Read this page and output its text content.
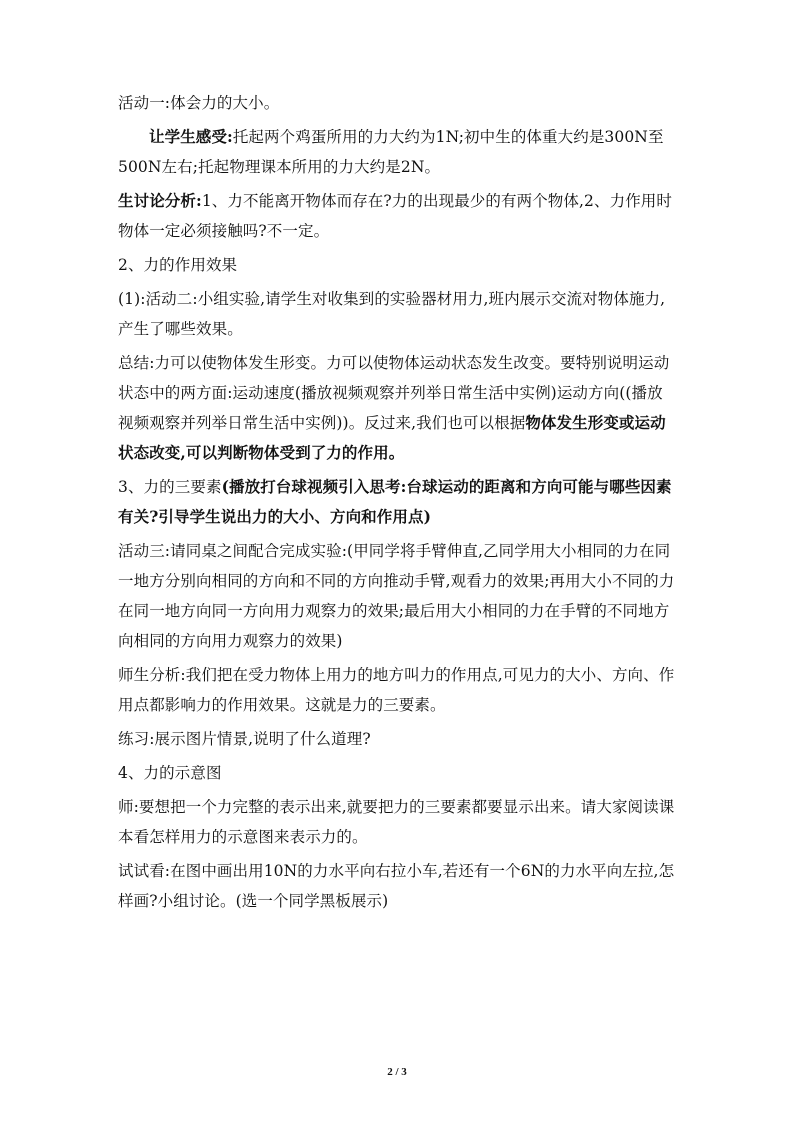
活动一:体会力的大小。

让学生感受:托起两个鸡蛋所用的力大约为1N;初中生的体重大约是300N至500N左右;托起物理课本所用的力大约是2N。

生讨论分析:1、力不能离开物体而存在?力的出现最少的有两个物体,2、力作用时物体一定必须接触吗?不一定。

2、力的作用效果

(1):活动二:小组实验,请学生对收集到的实验器材用力,班内展示交流对物体施力,产生了哪些效果。

总结:力可以使物体发生形变。力可以使物体运动状态发生改变。要特别说明运动状态中的两方面:运动速度(播放视频观察并列举日常生活中实例)运动方向((播放视频观察并列举日常生活中实例))。反过来,我们也可以根据物体发生形变或运动状态改变,可以判断物体受到了力的作用。

3、力的三要素(播放打台球视频引入思考:台球运动的距离和方向可能与哪些因素有关?引导学生说出力的大小、方向和作用点)

活动三:请同桌之间配合完成实验:(甲同学将手臂伸直,乙同学用大小相同的力在同一地方分别向相同的方向和不同的方向推动手臂,观看力的效果;再用大小不同的力在同一地方向同一方向用力观察力的效果;最后用大小相同的力在手臂的不同地方向相同的方向用力观察力的效果)

师生分析:我们把在受力物体上用力的地方叫力的作用点,可见力的大小、方向、作用点都影响力的作用效果。这就是力的三要素。

练习:展示图片情景,说明了什么道理?

4、力的示意图

师:要想把一个力完整的表示出来,就要把力的三要素都要显示出来。请大家阅读课本看怎样用力的示意图来表示力的。

试试看:在图中画出用10N的力水平向右拉小车,若还有一个6N的力水平向左拉,怎样画?小组讨论。(选一个同学黑板展示)

2 / 3
